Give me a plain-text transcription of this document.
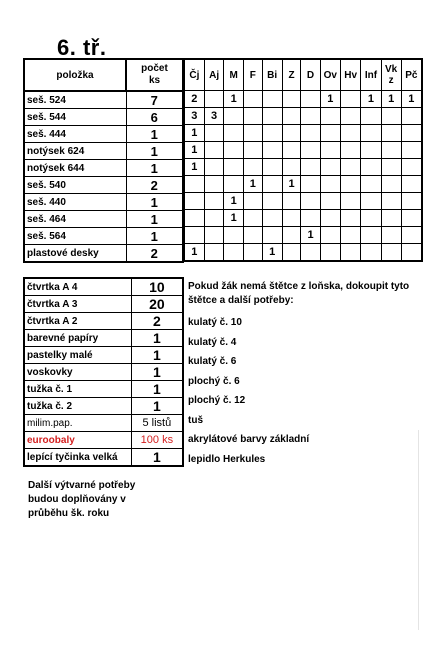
6. tř.
položka	počet ks
seš. 524	7
seš. 544	6
seš. 444	1
notýsek 624	1
notýsek 644	1
seš. 540	2
seš. 440	1
seš. 464	1
seš. 564	1
plastové desky	2
Čj	Aj	M	F	Bi	Z	D	Ov	Hv	Inf	Vk z	Pč
2		1					1		1	1	1
3	3										
1											
1											
1											
			1		1						
		1									
		1									
						1					
1				1							
čtvrtka A 4	10
čtvrtka A 3	20
čtvrtka A 2	2
barevné papíry	1
pastelky malé	1
voskovky	1
tužka č. 1	1
tužka č. 2	1
milim.pap.	5 listů
euroobaly	100 ks
lepící tyčinka velká	1
Pokud žák nemá štětce z loňska, dokoupit tyto štětce a další potřeby:
kulatý č. 10
kulatý č. 4
kulatý č. 6
plochý č. 6
plochý č. 12
tuš
akrylátové barvy základní
lepidlo Herkules
Další výtvarné potřeby budou doplňovány v průběhu šk. roku
